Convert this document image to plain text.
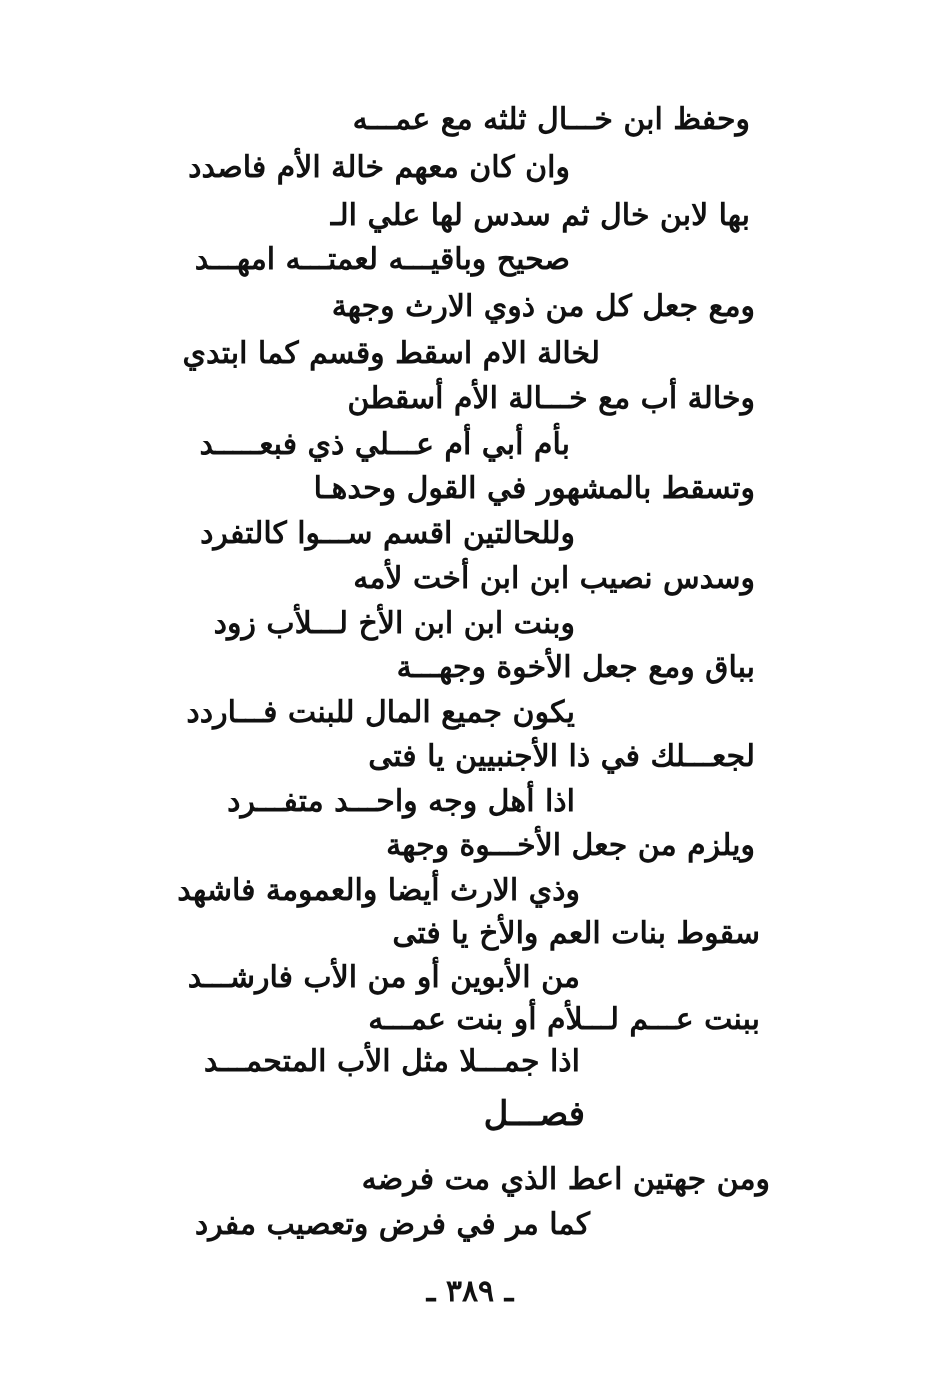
وحفظ ابن خـــال ثلثه مع عمـــه
وان كان معهم خالة الأم فاصدد
بها لابن خال ثم سدس لها علي الـ
صحيح وباقيـــه لعمتـــه امهـــد
ومع جعل كل من ذوي الارث وجهة
لخالة الام اسقط وقسم كما ابتدي
وخالة أب مع خـــالة الأم أسقطن
بأم أبي أم عـــلي ذي فبعـــــد
وتسقط بالمشهور في القول وحدهـا
وللحالتين اقسم ســـوا كالتفرد
وسدس نصيب ابن ابن أخت لأمه
وبنت ابن ابن الأخ لـــلأب زود
بباق ومع جعل الأخوة وجهـــة
يكون جميع المال للبنت فـــاردد
لجعـــلك في ذا الأجنبيين يا فتى
اذا أهل وجه واحـــد متفـــرد
ويلزم من جعل الأخـــوة وجهة
وذي الارث أيضا والعمومة فاشهد
سقوط بنات العم والأخ يا فتى
من الأبوين أو من الأب فارشـــد
ببنت عـــم لـــلأم أو بنت عمـــه
اذا جمـــلا مثل الأب المتحمـــد
فصـــل
ومن جهتين اعط الذي مت فرضه
كما مر في فرض وتعصيب مفرد
ـ ٣٨٩ ـ
